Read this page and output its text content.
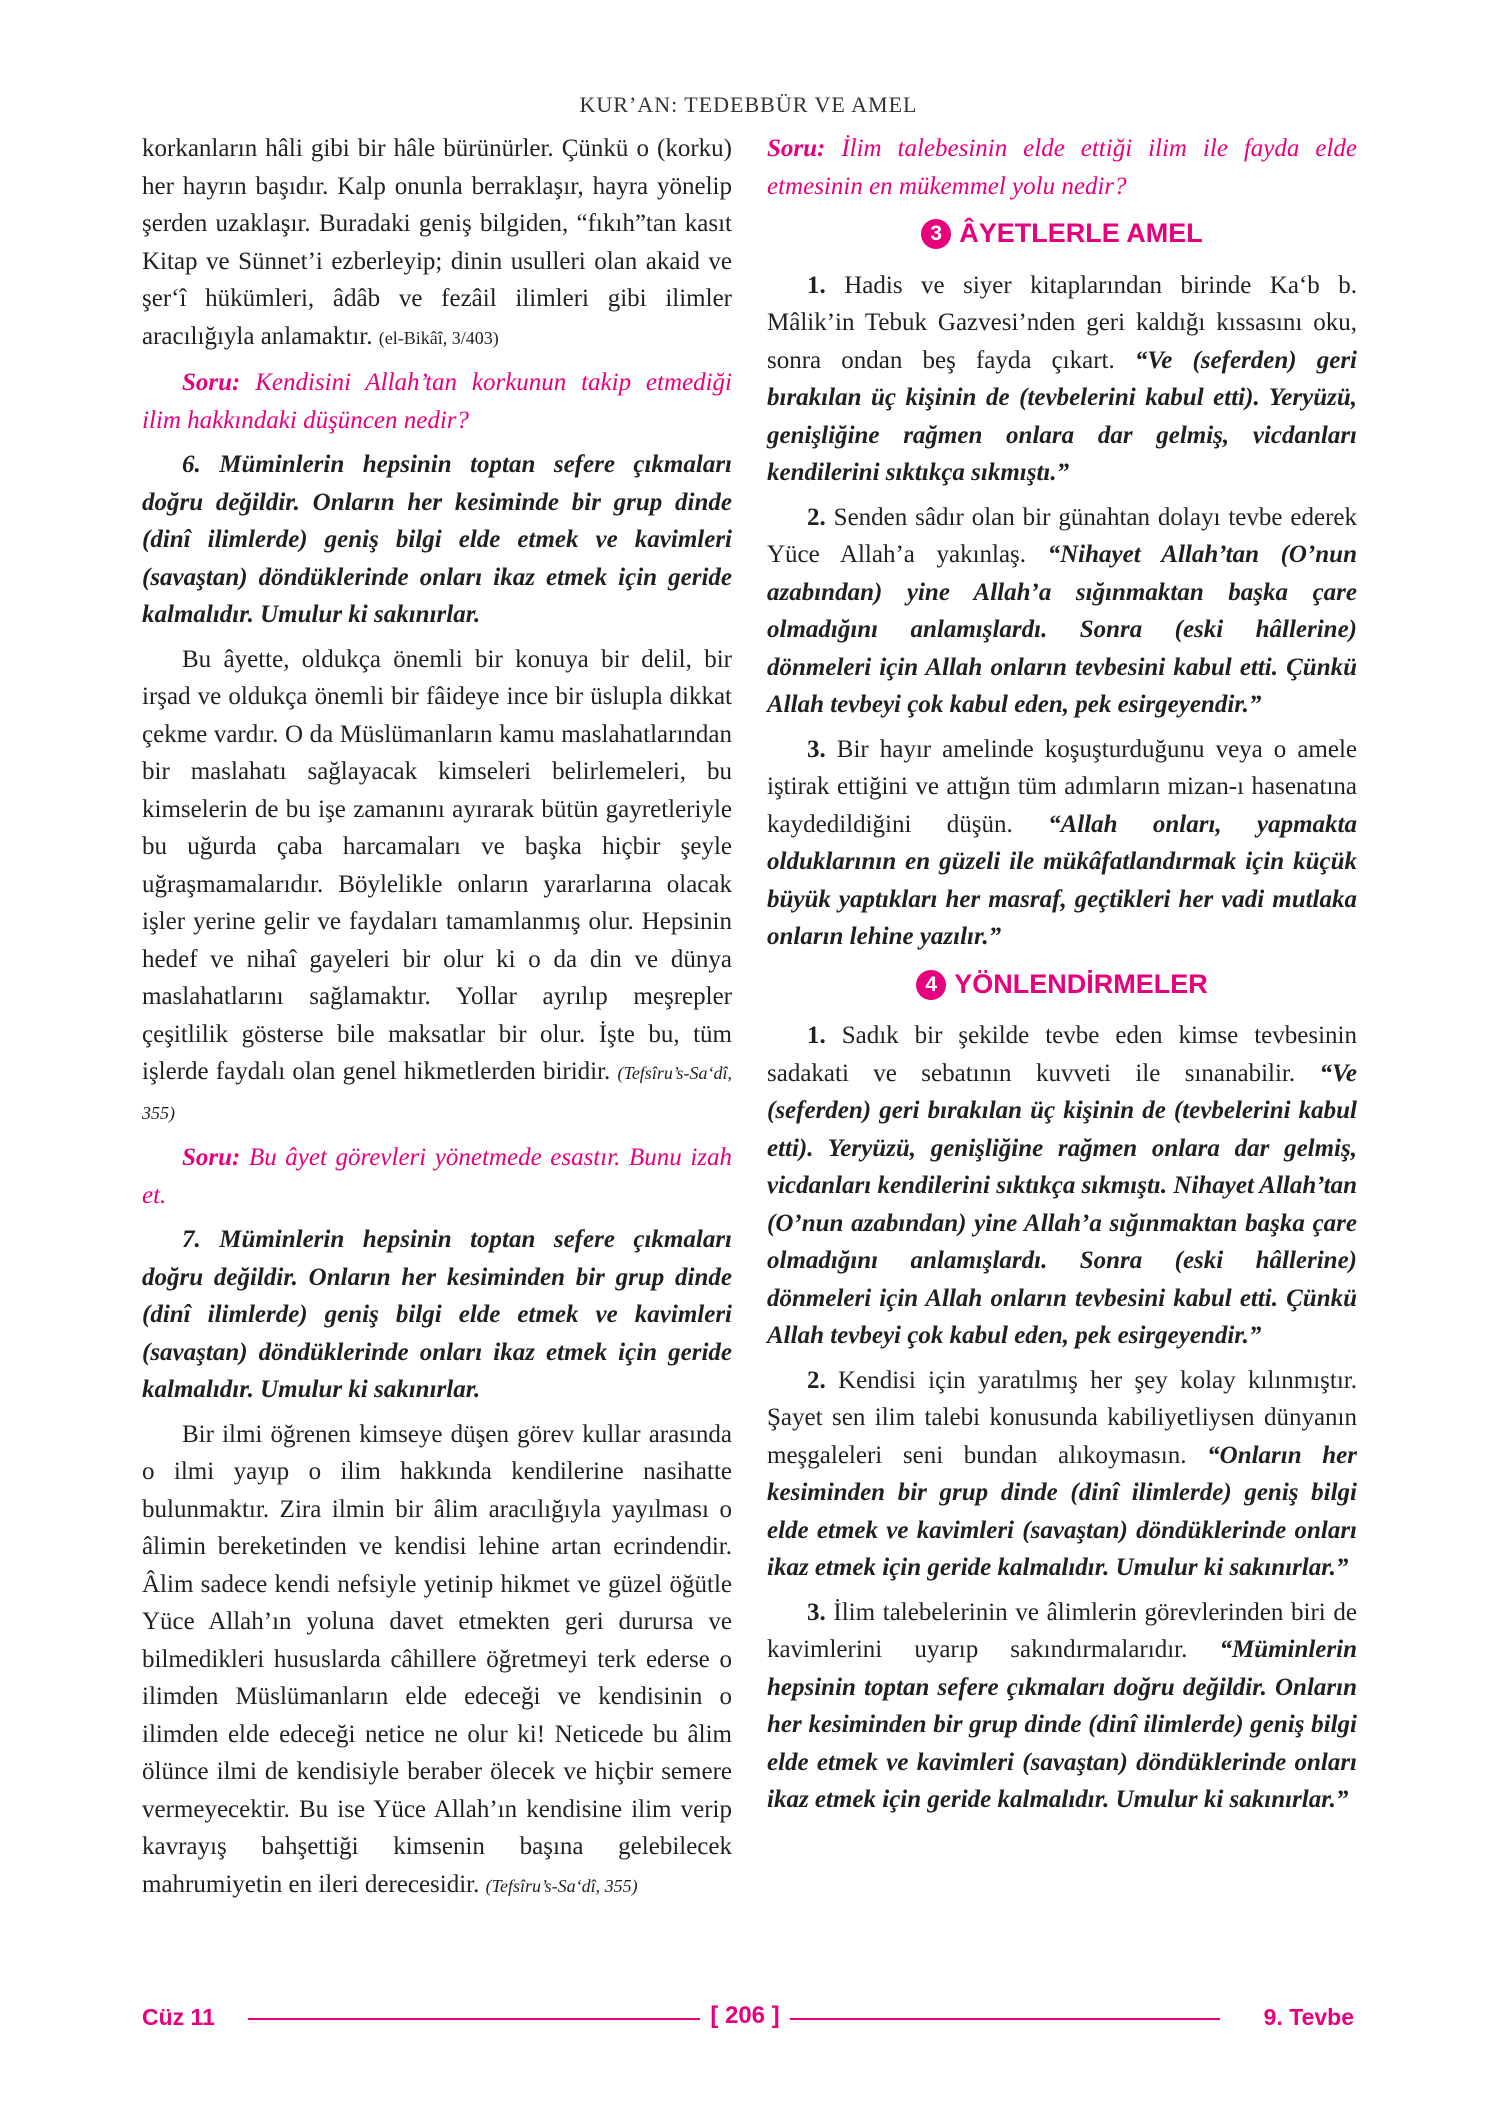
KUR’AN: TEDEBBÜR VE AMEL

korkanların hâli gibi bir hâle bürünürler. Çünkü o (korku) her hayrın başıdır. Kalp onunla berraklaşır, hayra yönelip şerden uzaklaşır. Buradaki geniş bilgiden, “fıkıh”tan kasıt Kitap ve Sünnet’i ezberleyip; dinin usulleri olan akaid ve şer‘î hükümleri, âdâb ve fezâil ilimleri gibi ilimler aracılığıyla anlamaktır. (el-Bikâî, 3/403)

Soru: Kendisini Allah’tan korkunun takip etmediği ilim hakkındaki düşüncen nedir?

6. Müminlerin hepsinin toptan sefere çıkmaları doğru değildir. Onların her kesiminde bir grup dinde (dinî ilimlerde) geniş bilgi elde etmek ve kavimleri (savaştan) döndüklerinde onları ikaz etmek için geride kalmalıdır. Umulur ki sakınırlar.

Bu âyette, oldukça önemli bir konuya bir delil, bir irşad ve oldukça önemli bir fâideye ince bir üslupla dikkat çekme vardır. O da Müslümanların kamu maslahatlarından bir maslahatı sağlayacak kimseleri belirlemeleri, bu kimselerin de bu işe zamanını ayırarak bütün gayretleriyle bu uğurda çaba harcamaları ve başka hiçbir şeyle uğraşmamalarıdır. Böylelikle onların yararlarına olacak işler yerine gelir ve faydaları tamamlanmış olur. Hepsinin hedef ve nihaî gayeleri bir olur ki o da din ve dünya maslahatlarını sağlamaktır. Yollar ayrılıp meşrepler çeşitlilik göstersе bile maksatlar bir olur. İşte bu, tüm işlerde faydalı olan genel hikmetlerden biridir. (Tefsîru’s-Sa‘dî, 355)

Soru: Bu âyet görevleri yönetmede esastır. Bunu izah et.

7. Müminlerin hepsinin toptan sefere çıkmaları doğru değildir. Onların her kesiminden bir grup dinde (dinî ilimlerde) geniş bilgi elde etmek ve kavimleri (savaştan) döndüklerinde onları ikaz etmek için geride kalmalıdır. Umulur ki sakınırlar.

Bir ilmi öğrenen kimseye düşen görev kullar arasında o ilmi yayıp o ilim hakkında kendilerine nasihatte bulunmaktır. Zira ilmin bir âlim aracılığıyla yayılması o âlimin bereketinden ve kendisi lehine artan ecrindendir. Âlim sadece kendi nefsiyle yetinip hikmet ve güzel öğütle Yüce Allah’ın yoluna davet etmekten geri durursa ve bilmedikleri hususlarda câhillere öğretmeyi terk ederse o ilimden Müslümanların elde edeceği ve kendisinin o ilimden elde edeceği netice ne olur ki! Neticede bu âlim ölünce ilmi de kendisiyle beraber ölecek ve hiçbir semere vermeyecektir. Bu ise Yüce Allah’ın kendisine ilim verip kavrayış bahşettiği kimsenin başına gelebilecek mahrumiyetin en ileri derecesidir. (Tefsîru’s-Sa‘dî, 355)

Soru: İlim talebesinin elde ettiği ilim ile fayda elde etmesinin en mükemmel yolu nedir?

3 ÂYETLERLE AMEL

1. Hadis ve siyer kitaplarından birinde Ka‘b b. Mâlik’in Tebuk Gazvesi’nden geri kaldığı kıssasını oku, sonra ondan beş fayda çıkart. “Ve (seferden) geri bırakılan üç kişinin de (tevbelerini kabul etti). Yeryüzü, genişliğine rağmen onlara dar gelmiş, vicdanları kendilerini sıktıkça sıkmıştı.”

2. Senden sâdır olan bir günahtan dolayı tevbe ederek Yüce Allah’a yakınlaş. “Nihayet Allah’tan (O’nun azabından) yine Allah’a sığınmaktan başka çare olmadığını anlamışlardı. Sonra (eski hâllerine) dönmeleri için Allah onların tevbesini kabul etti. Çünkü Allah tevbeyi çok kabul eden, pek esirgeyendir.”

3. Bir hayır amelinde koşuşturduğunu veya o amele iştirak ettiğini ve attığın tüm adımların mizan-ı hasenatına kaydedildiğini düşün. “Allah onları, yapmakta olduklarının en güzeli ile mükâfatlandırmak için küçük büyük yaptıkları her masraf, geçtikleri her vadi mutlaka onların lehine yazılır.”

4 YÖNLENDİRMELER

1. Sadık bir şekilde tevbe eden kimse tevbesinin sadakati ve sebatının kuvveti ile sınanabilir. “Ve (seferden) geri bırakılan üç kişinin de (tevbelerini kabul etti). Yeryüzü, genişliğine rağmen onlara dar gelmiş, vicdanları kendilerini sıktıkça sıkmıştı. Nihayet Allah’tan (O’nun azabından) yine Allah’a sığınmaktan başka çare olmadığını anlamışlardı. Sonra (eski hâllerine) dönmeleri için Allah onların tevbesini kabul etti. Çünkü Allah tevbeyi çok kabul eden, pek esirgeyendir.”

2. Kendisi için yaratılmış her şey kolay kılınmıştır. Şayet sen ilim talebi konusunda kabiliyetliysen dünyanın meşgaleleri seni bundan alıkoymasın. “Onların her kesiminden bir grup dinde (dinî ilimlerde) geniş bilgi elde etmek ve kavimleri (savaştan) döndüklerinde onları ikaz etmek için geride kalmalıdır. Umulur ki sakınırlar.”

3. İlim talebelerinin ve âlimlerin görevlerinden biri de kavimlerini uyarıp sakındırmalarıdır. “Müminlerin hepsinin toptan sefere çıkmaları doğru değildir. Onların her kesiminden bir grup dinde (dinî ilimlerde) geniş bilgi elde etmek ve kavimleri (savaştan) döndüklerinde onları ikaz etmek için geride kalmalıdır. Umulur ki sakınırlar.”

Cüz 11	[ 206 ]	9. Tevbe
